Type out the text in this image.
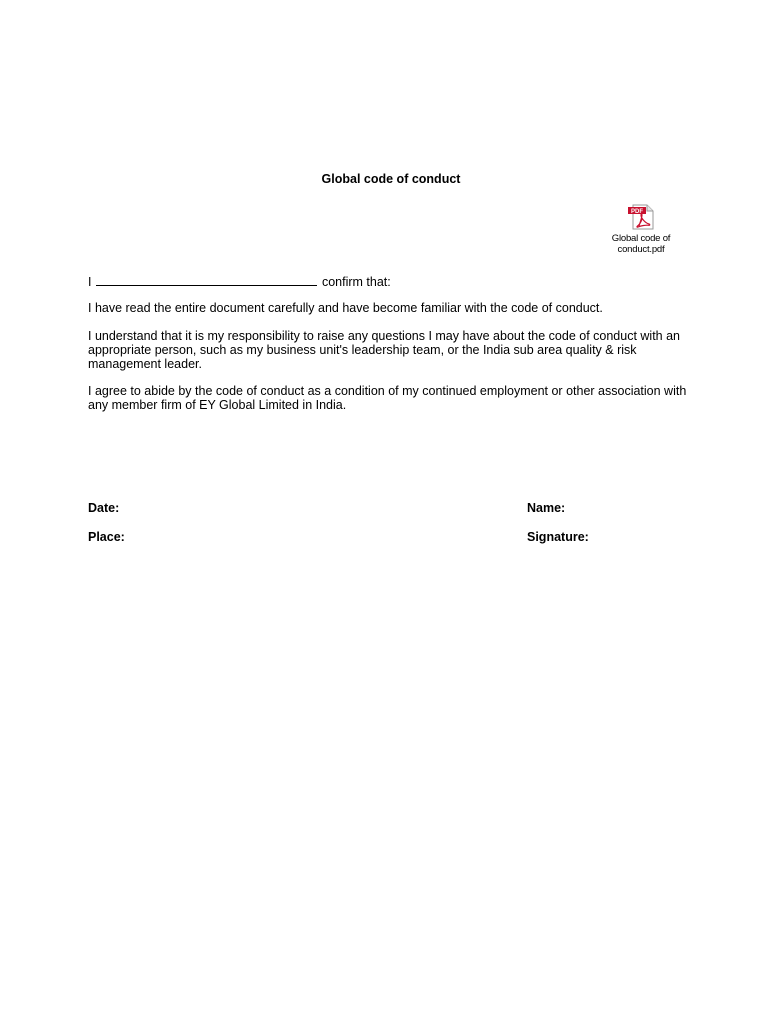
Global code of conduct
PDF
Global code of
conduct.pdf
I	confirm that:

I have read the entire document carefully and have become familiar with the code of conduct.

I understand that it is my responsibility to raise any questions I may have about the code of conduct with an appropriate person, such as my business unit's leadership team, or the India sub area quality & risk management leader.

I agree to abide by the code of conduct as a condition of my continued employment or other association with any member firm of EY Global Limited in India.

Date:
Place:
Name:
Signature:
